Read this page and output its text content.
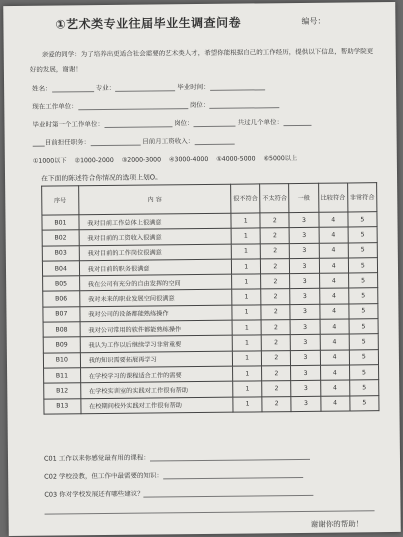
①艺术类专业往届毕业生调查问卷	编号：
亲爱的同学：为了培养出更适合社会需要的艺术类人才，希望你能根据自己的工作经历，提供以下信息，帮助学院更好的发展，谢谢！
姓名：	专业：	毕业时间：
现在工作单位：	岗位：
毕业时第一个工作单位：	岗位：	共过几个单位：
目前担任职务：	目前月工资收入：
①1000以下 ②1000-2000 ③2000-3000 ④3000-4000 ⑤4000-5000 ⑥5000以上
在下面的陈述符合你情况的选项上划O。
序号	内 容	很不符合	不太符合	一般	比较符合	非常符合
B01	我对目前工作总体上很满意	1	2	3	4	5
B02	我对目前的工资收入很满意	1	2	3	4	5
B03	我对目前的工作岗位很满意	1	2	3	4	5
B04	我对目前的职务很满意	1	2	3	4	5
B05	我在公司有充分的自由发挥的空间	1	2	3	4	5
B06	我对未来的职业发展空间很满意	1	2	3	4	5
B07	我对公司的设备都能熟练操作	1	2	3	4	5
B08	我对公司常用的软件都能熟练操作	1	2	3	4	5
B09	我认为工作以后继续学习非常重要	1	2	3	4	5
B10	我的知识需要拓展再学习	1	2	3	4	5
B11	在学校学习的课程适合工作的需要	1	2	3	4	5
B12	在学校实训室的实践对工作很有帮助	1	2	3	4	5
B13	在校期间校外实践对工作很有帮助	1	2	3	4	5
C01 工作以来你感觉最有用的课程：
C02 学校没教，但工作中最需要的知识：
C03 你对学校发展还有哪些建议？
谢谢你的帮助！
